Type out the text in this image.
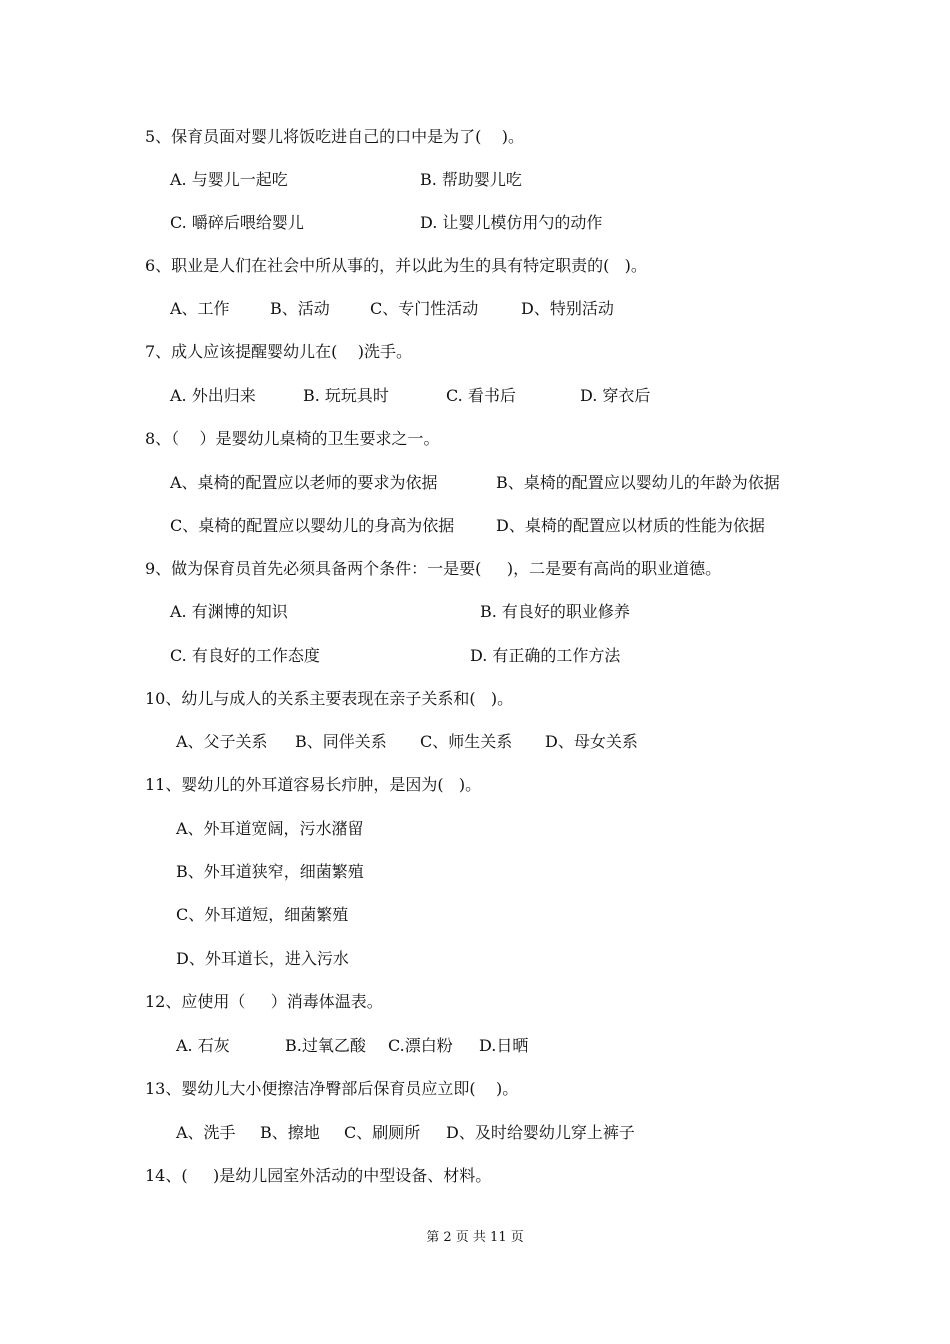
5、保育员面对婴儿将饭吃进自己的口中是为了(    )。
A. 与婴儿一起吃	B. 帮助婴儿吃
C. 嚼碎后喂给婴儿	D. 让婴儿模仿用勺的动作
6、职业是人们在社会中所从事的，并以此为生的具有特定职责的(   )。
A、工作	B、活动	C、专门性活动	D、特别活动
7、成人应该提醒婴幼儿在(    )洗手。
A. 外出归来	B. 玩玩具时	C. 看书后	D. 穿衣后
8、（    ）是婴幼儿桌椅的卫生要求之一。
A、桌椅的配置应以老师的要求为依据	B、桌椅的配置应以婴幼儿的年龄为依据
C、桌椅的配置应以婴幼儿的身高为依据	D、桌椅的配置应以材质的性能为依据
9、做为保育员首先必须具备两个条件：一是要(     )，二是要有高尚的职业道德。
A. 有渊博的知识	B. 有良好的职业修养
C. 有良好的工作态度	D. 有正确的工作方法
10、幼儿与成人的关系主要表现在亲子关系和(   )。
A、父子关系 B、同伴关系 C、师生关系 D、母女关系
11、婴幼儿的外耳道容易长疖肿，是因为(   )。
A、外耳道宽阔，污水潴留
B、外耳道狭窄，细菌繁殖
C、外耳道短，细菌繁殖
D、外耳道长，进入污水
12、应使用（     ）消毒体温表。
A. 石灰	B.过氧乙酸 C.漂白粉 D.日晒
13、婴幼儿大小便擦洁净臀部后保育员应立即(    )。
A、洗手 B、擦地 C、刷厕所 D、及时给婴幼儿穿上裤子
14、(     )是幼儿园室外活动的中型设备、材料。
第 2 页 共 11 页
